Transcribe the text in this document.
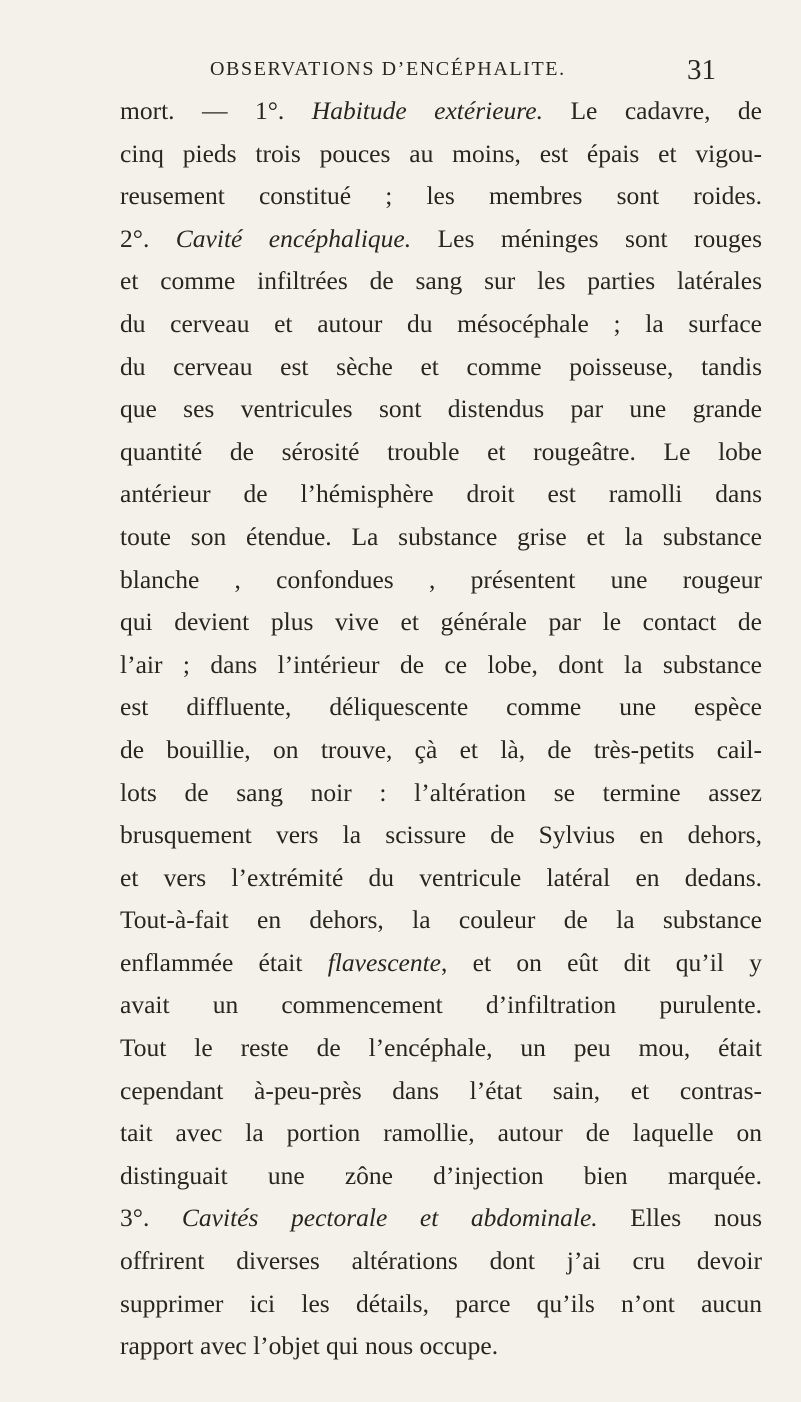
OBSERVATIONS D’ENCÉPHALITE.	31
mort. — 1°. Habitude extérieure. Le cadavre, de
cinq pieds trois pouces au moins, est épais et vigou-
reusement constitué ; les membres sont roides.
2°. Cavité encéphalique. Les méninges sont rouges
et comme infiltrées de sang sur les parties latérales
du cerveau et autour du mésocéphale ; la surface
du cerveau est sèche et comme poisseuse, tandis
que ses ventricules sont distendus par une grande
quantité de sérosité trouble et rougeâtre. Le lobe
antérieur de l’hémisphère droit est ramolli dans
toute son étendue. La substance grise et la substance
blanche , confondues , présentent une rougeur
qui devient plus vive et générale par le contact de
l’air ; dans l’intérieur de ce lobe, dont la substance
est diffluente, déliquescente comme une espèce
de bouillie, on trouve, çà et là, de très-petits cail-
lots de sang noir : l’altération se termine assez
brusquement vers la scissure de Sylvius en dehors,
et vers l’extrémité du ventricule latéral en dedans.
Tout-à-fait en dehors, la couleur de la substance
enflammée était flavescente, et on eût dit qu’il y
avait un commencement d’infiltration purulente.
Tout le reste de l’encéphale, un peu mou, était
cependant à-peu-près dans l’état sain, et contras-
tait avec la portion ramollie, autour de laquelle on
distinguait une zône d’injection bien marquée.
3°. Cavités pectorale et abdominale. Elles nous
offrirent diverses altérations dont j’ai cru devoir
supprimer ici les détails, parce qu’ils n’ont aucun
rapport avec l’objet qui nous occupe.
